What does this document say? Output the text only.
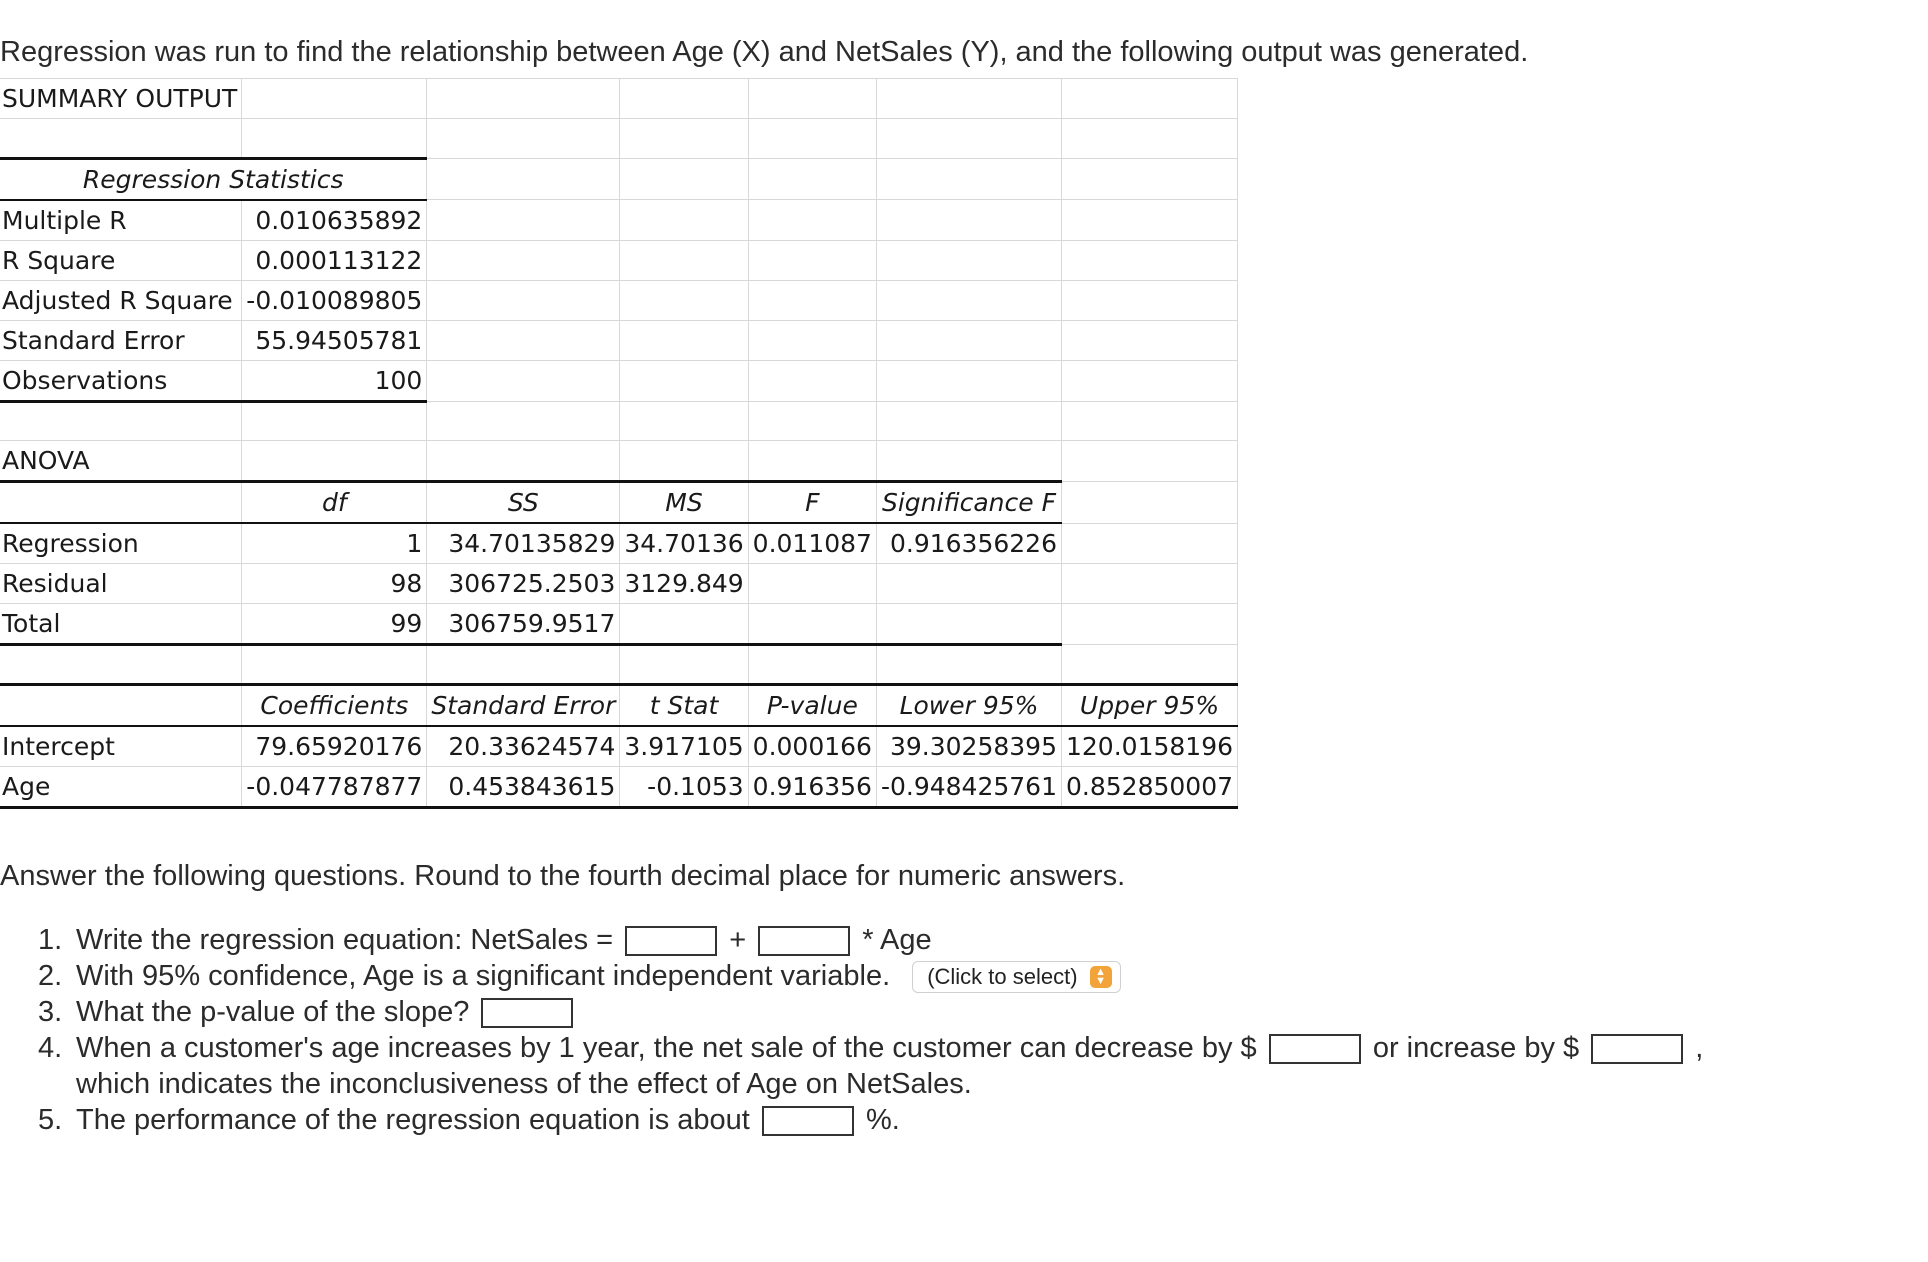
Regression was run to find the relationship between Age (X) and NetSales (Y), and the following output was generated.

SUMMARY OUTPUT						

Regression Statistics						
Multiple R	0.010635892					
R Square	0.000113122					
Adjusted R Square	-0.010089805					
Standard Error	55.94505781					
Observations	100					

ANOVA						
	df	SS	MS	F	Significance F	
Regression	1	34.70135829	34.70136	0.011087	0.916356226	
Residual	98	306725.2503	3129.849			
Total	99	306759.9517				

	Coefficients	Standard Error	t Stat	P-value	Lower 95%	Upper 95%
Intercept	79.65920176	20.33624574	3.917105	0.000166	39.30258395	120.0158196
Age	-0.047787877	0.453843615	-0.1053	0.916356	-0.948425761	0.852850007

Answer the following questions. Round to the fourth decimal place for numeric answers.

1. Write the regression equation: NetSales =	+	* Age
2. With 95% confidence, Age is a significant independent variable. (Click to select) ▲
▼
3. What the p-value of the slope?
4. When a customer's age increases by 1 year, the net sale of the customer can decrease by $	or increase by $	,
which indicates the inconclusiveness of the effect of Age on NetSales.
5. The performance of the regression equation is about	%.
